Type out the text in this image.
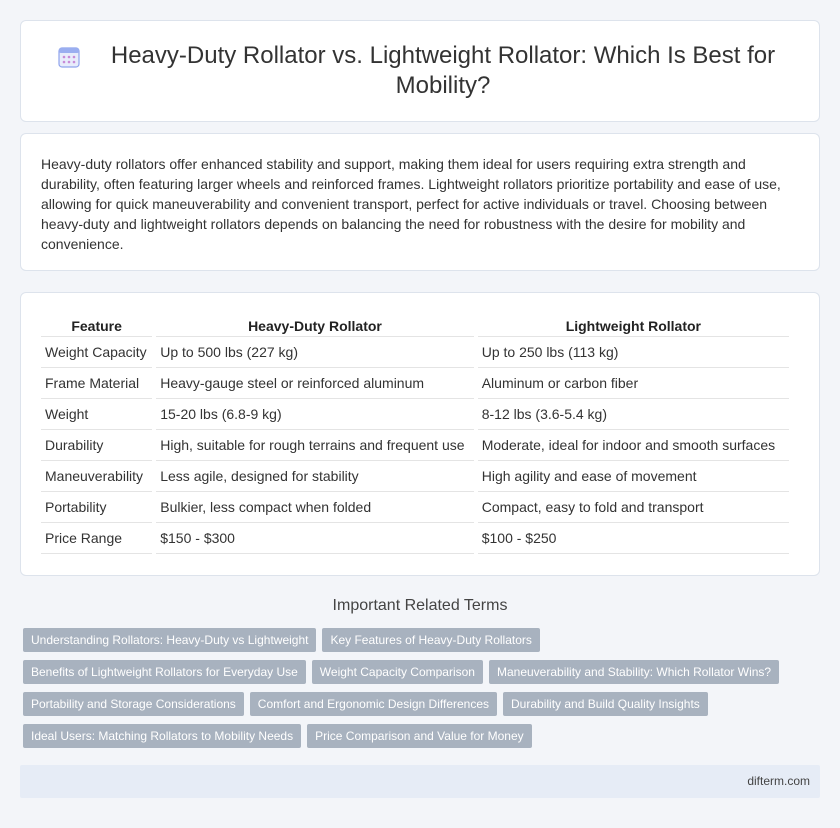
Heavy-Duty Rollator vs. Lightweight Rollator: Which Is Best for Mobility?

Heavy-duty rollators offer enhanced stability and support, making them ideal for users requiring extra strength and durability, often featuring larger wheels and reinforced frames. Lightweight rollators prioritize portability and ease of use, allowing for quick maneuverability and convenient transport, perfect for active individuals or travel. Choosing between heavy-duty and lightweight rollators depends on balancing the need for robustness with the desire for mobility and convenience.

Feature	Heavy-Duty Rollator	Lightweight Rollator
Weight Capacity	Up to 500 lbs (227 kg)	Up to 250 lbs (113 kg)
Frame Material	Heavy-gauge steel or reinforced aluminum	Aluminum or carbon fiber
Weight	15-20 lbs (6.8-9 kg)	8-12 lbs (3.6-5.4 kg)
Durability	High, suitable for rough terrains and frequent use	Moderate, ideal for indoor and smooth surfaces
Maneuverability	Less agile, designed for stability	High agility and ease of movement
Portability	Bulkier, less compact when folded	Compact, easy to fold and transport
Price Range	$150 - $300	$100 - $250
Important Related Terms
Understanding Rollators: Heavy-Duty vs Lightweight	Key Features of Heavy-Duty Rollators
Benefits of Lightweight Rollators for Everyday Use	Weight Capacity Comparison	Maneuverability and Stability: Which Rollator Wins?
Portability and Storage Considerations	Comfort and Ergonomic Design Differences	Durability and Build Quality Insights
Ideal Users: Matching Rollators to Mobility Needs	Price Comparison and Value for Money
difterm.com
